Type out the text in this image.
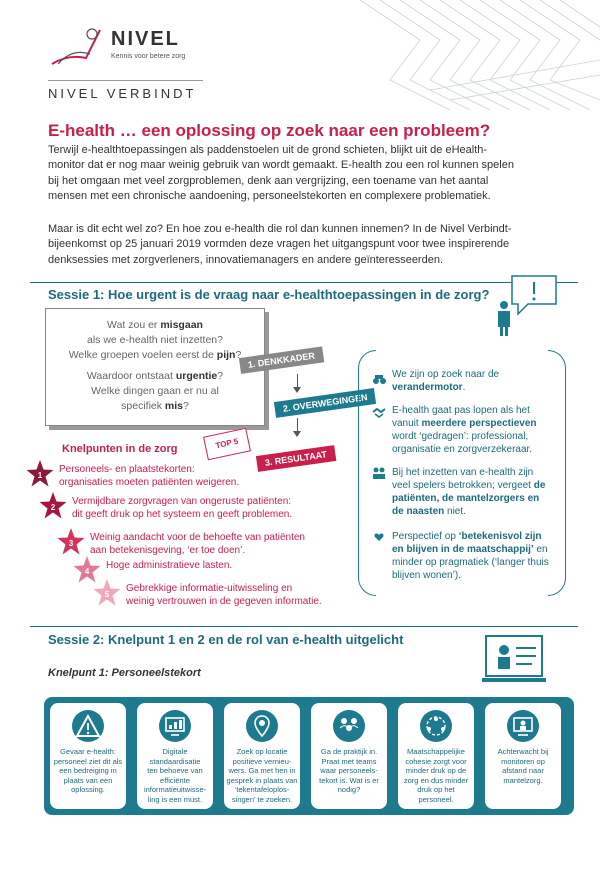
NIVEL
Kennis voor betere zorg
NIVEL VERBINDT
E-health … een oplossing op zoek naar een probleem?
Terwijl e-healthtoepassingen als paddenstoelen uit de grond schieten, blijkt uit de eHealth-
monitor dat er nog maar weinig gebruik van wordt gemaakt. E-health zou een rol kunnen spelen
bij het omgaan met veel zorgproblemen, denk aan vergrijzing, een toename van het aantal
mensen met een chronische aandoening, personeelstekorten en complexere problematiek.
Maar is dit echt wel zo? En hoe zou e-health die rol dan kunnen innemen? In de Nivel Verbindt-
bijeenkomst op 25 januari 2019 vormden deze vragen het uitgangspunt voor twee inspirerende
denksessies met zorgverleners, innovatiemanagers en andere geïnteresseerden.
Sessie 1: Hoe urgent is de vraag naar e-healthtoepassingen in de zorg?
Wat zou er misgaan
als we e-health niet inzetten?
Welke groepen voelen eerst de pijn?
Waardoor ontstaat urgentie?
Welke dingen gaan er nu al
specifiek mis?
1. DENKKADER
2. OVERWEGINGEN
3. RESULTAAT
TOP 5
Knelpunten in de zorg
1
Personeels- en plaatstekorten:
organisaties moeten patiënten weigeren.
2
Vermijdbare zorgvragen van ongeruste patiënten:
dit geeft druk op het systeem en geeft problemen.
3
Weinig aandacht voor de behoefte van patiënten
aan betekenisgeving, ‘er toe doen’.
4
Hoge administratieve lasten.
5
Gebrekkige informatie-uitwisseling en
weinig vertrouwen in de gegeven informatie.
We zijn op zoek naar de verandermotor.
E-health gaat pas lopen als het vanuit meerdere perspectieven wordt ‘gedragen’: professional, organisatie en zorgverzekeraar.
Bij het inzetten van e-health zijn veel spelers betrokken; vergeet de patiënten, de mantelzorgers en de naasten niet.
Perspectief op ‘betekenisvol zijn en blijven in de maatschappij’ en minder op pragmatiek (‘langer thuis blijven wonen’).
Sessie 2: Knelpunt 1 en 2 en de rol van e-health uitgelicht
Knelpunt 1: Personeelstekort
Gevaar e-health:
personeel ziet dit als
een bedreiging in
plaats van een
oplossing.
Digitale
standaardisatie
ten behoeve van
efficiënte
informatieuitwisse-
ling is een must.
Zoek op locatie
positieve vernieu-
wers. Ga met hen in
gesprek in plaats van
‘tekentafeloplos-
singen’ te zoeken.
Ga de praktijk in.
Praat met teams
waar personeels-
tekort is. Wat is er
nodig?
Maatschappelijke
cohesie zorgt voor
minder druk op de
zorg en dus minder
druk op het
personeel.
Achterwacht bij
monitoren op
afstand naar
mantelzorg.
